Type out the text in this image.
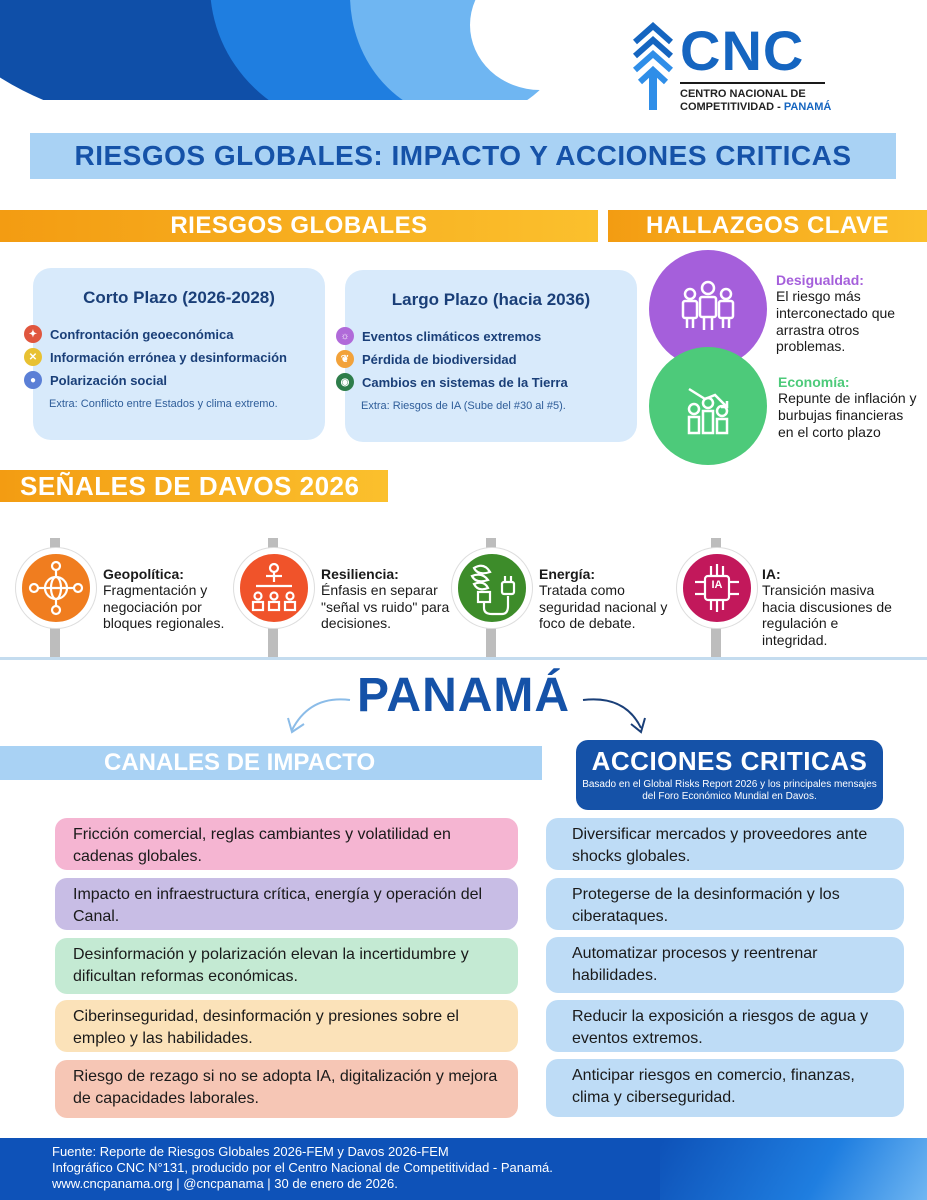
CNC
CENTRO NACIONAL DE
COMPETITIVIDAD - PANAMÁ
RIESGOS GLOBALES: IMPACTO Y ACCIONES CRITICAS
RIESGOS GLOBALES	HALLAZGOS CLAVE
Corto Plazo (2026-2028)
✦ Confrontación geoeconómica
✕ Información errónea y desinformación
●	Polarización social
Extra: Conflicto entre Estados y clima extremo.
Largo Plazo (hacia 2036)
☼ Eventos climáticos extremos
❦ Pérdida de biodiversidad
◉ Cambios en sistemas de la Tierra
Extra: Riesgos de IA (Sube del #30 al #5).
Desigualdad:
El riesgo más interconectado que arrastra otros problemas.
Economía:
Repunte de inflación y burbujas financieras en el corto plazo
SEÑALES DE DAVOS 2026
Geopolítica:
Fragmentación y negociación por bloques regionales.
Resiliencia:
Énfasis en separar "señal vs ruido" para decisiones.
Energía:
Tratada como seguridad nacional y foco de debate.
IA
IA:
Transición masiva hacia discusiones de regulación e integridad.
PANAMÁ
CANALES DE IMPACTO	ACCIONES CRITICAS
Basado en el Global Risks Report 2026 y los principales mensajes del Foro Económico Mundial en Davos.
Fricción comercial, reglas cambiantes y volatilidad en cadenas globales.
Impacto en infraestructura crítica, energía y operación del Canal.
Desinformación y polarización elevan la incertidumbre y dificultan reformas económicas.
Ciberinseguridad, desinformación y presiones sobre el empleo y las habilidades.
Riesgo de rezago si no se adopta IA, digitalización y mejora de capacidades laborales.
Diversificar mercados y proveedores ante shocks globales.
Protegerse de la desinformación y los ciberataques.
Automatizar procesos y reentrenar habilidades.
Reducir la exposición a riesgos de agua y eventos extremos.
Anticipar riesgos en comercio, finanzas, clima y ciberseguridad.
Fuente: Reporte de Riesgos Globales 2026-FEM y Davos 2026-FEM
Infográfico CNC N°131, producido por el Centro Nacional de Competitividad - Panamá.
www.cncpanama.org | @cncpanama | 30 de enero de 2026.
